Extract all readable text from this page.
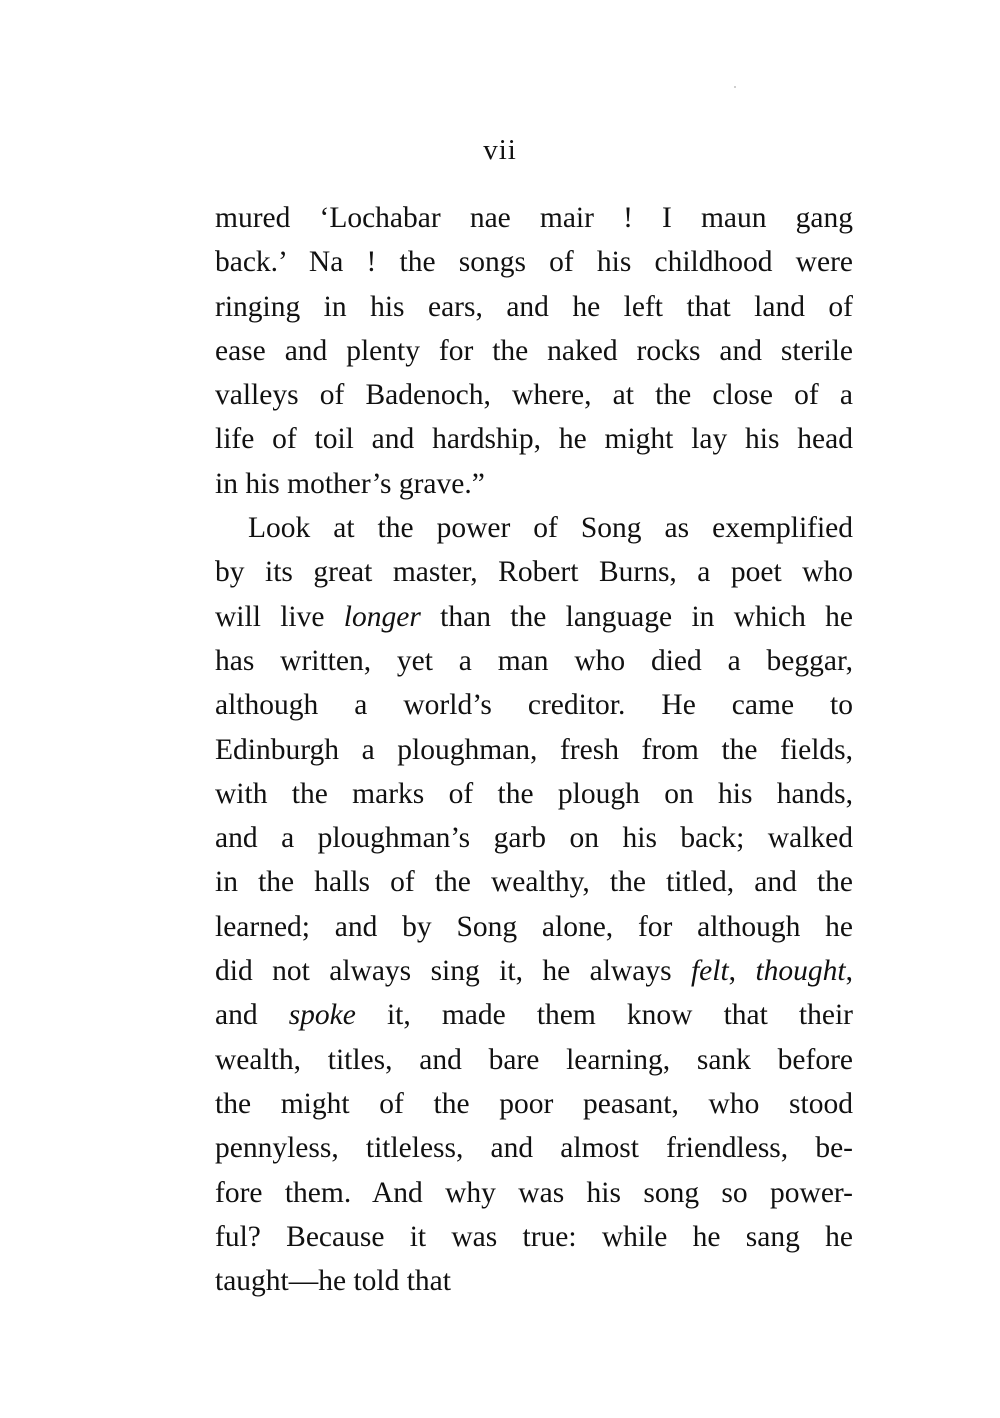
vii
mured ‘Lochabar nae mair ! I maun gang
back.’ Na ! the songs of his childhood were
ringing in his ears, and he left that land of
ease and plenty for the naked rocks and sterile
valleys of Badenoch, where, at the close of a
life of toil and hardship, he might lay his head
in his mother’s grave.”
Look at the power of Song as exemplified
by its great master, Robert Burns, a poet who
will live longer than the language in which he
has written, yet a man who died a beggar,
although a world’s creditor. He came to
Edinburgh a ploughman, fresh from the fields,
with the marks of the plough on his hands,
and a ploughman’s garb on his back; walked
in the halls of the wealthy, the titled, and the
learned; and by Song alone, for although he
did not always sing it, he always felt, thought,
and spoke it, made them know that their
wealth, titles, and bare learning, sank before
the might of the poor peasant, who stood
pennyless, titleless, and almost friendless, be-
fore them. And why was his song so power-
ful? Because it was true: while he sang he
taught—he told that
